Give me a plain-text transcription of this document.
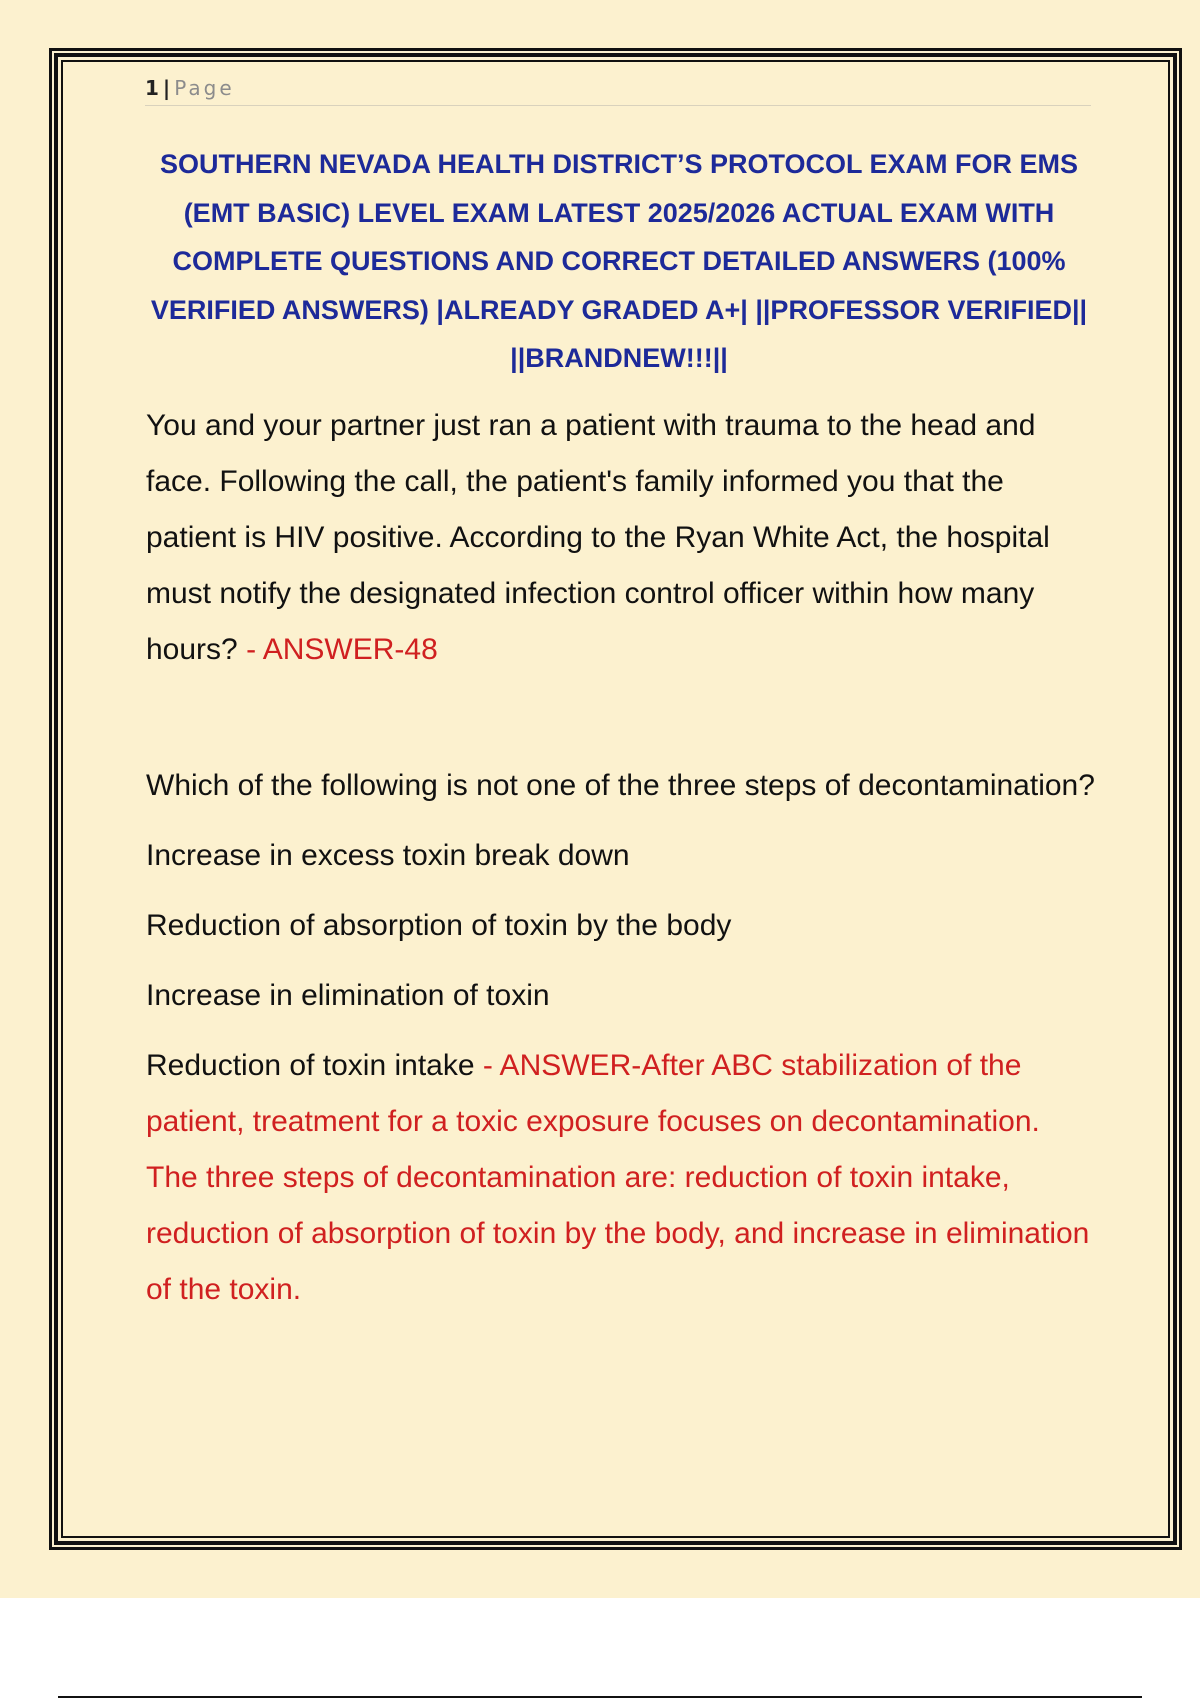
1 | Page
SOUTHERN NEVADA HEALTH DISTRICT’S PROTOCOL EXAM FOR EMS (EMT BASIC) LEVEL EXAM LATEST 2025/2026 ACTUAL EXAM WITH COMPLETE QUESTIONS AND CORRECT DETAILED ANSWERS (100% VERIFIED ANSWERS) |ALREADY GRADED A+| ||PROFESSOR VERIFIED|| ||BRANDNEW!!!||

You and your partner just ran a patient with trauma to the head and face. Following the call, the patient's family informed you that the patient is HIV positive. According to the Ryan White Act, the hospital must notify the designated infection control officer within how many hours? - ANSWER-48

Which of the following is not one of the three steps of decontamination?

Increase in excess toxin break down

Reduction of absorption of toxin by the body

Increase in elimination of toxin

Reduction of toxin intake - ANSWER-After ABC stabilization of the patient, treatment for a toxic exposure focuses on decontamination. The three steps of decontamination are: reduction of toxin intake, reduction of absorption of toxin by the body, and increase in elimination of the toxin.
